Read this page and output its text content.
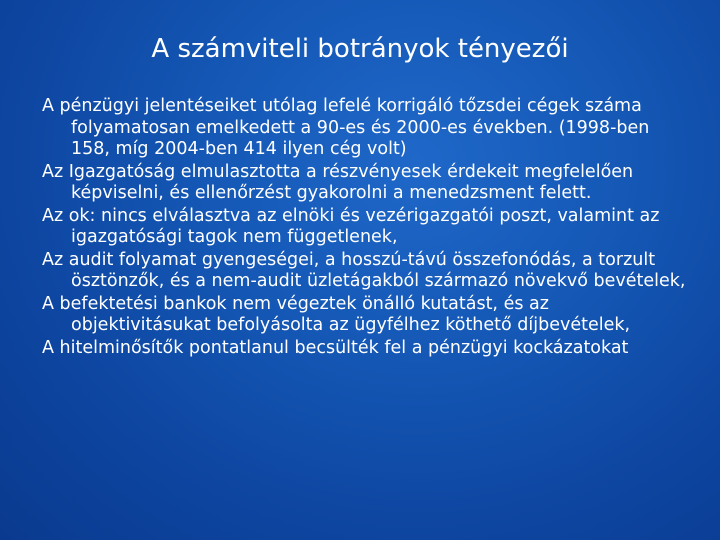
A számviteli botrányok tényezői
A pénzügyi jelentéseiket utólag lefelé korrigáló tőzsdei cégek száma folyamatosan emelkedett a 90-es és 2000-es években. (1998-ben 158, míg 2004-ben 414 ilyen cég volt)
Az Igazgatóság elmulasztotta a részvényesek érdekeit megfelelően képviselni, és ellenőrzést gyakorolni a menedzsment felett.
Az ok: nincs elválasztva az elnöki és vezérigazgatói poszt, valamint az igazgatósági tagok nem függetlenek,
Az audit folyamat gyengeségei, a hosszú-távú összefonódás, a torzult ösztönzők, és a nem-audit üzletágakból származó növekvő bevételek,
A befektetési bankok nem végeztek önálló kutatást, és az objektivitásukat befolyásolta az ügyfélhez köthető díjbevételek,
A hitelminősítők pontatlanul becsülték fel a pénzügyi kockázatokat
